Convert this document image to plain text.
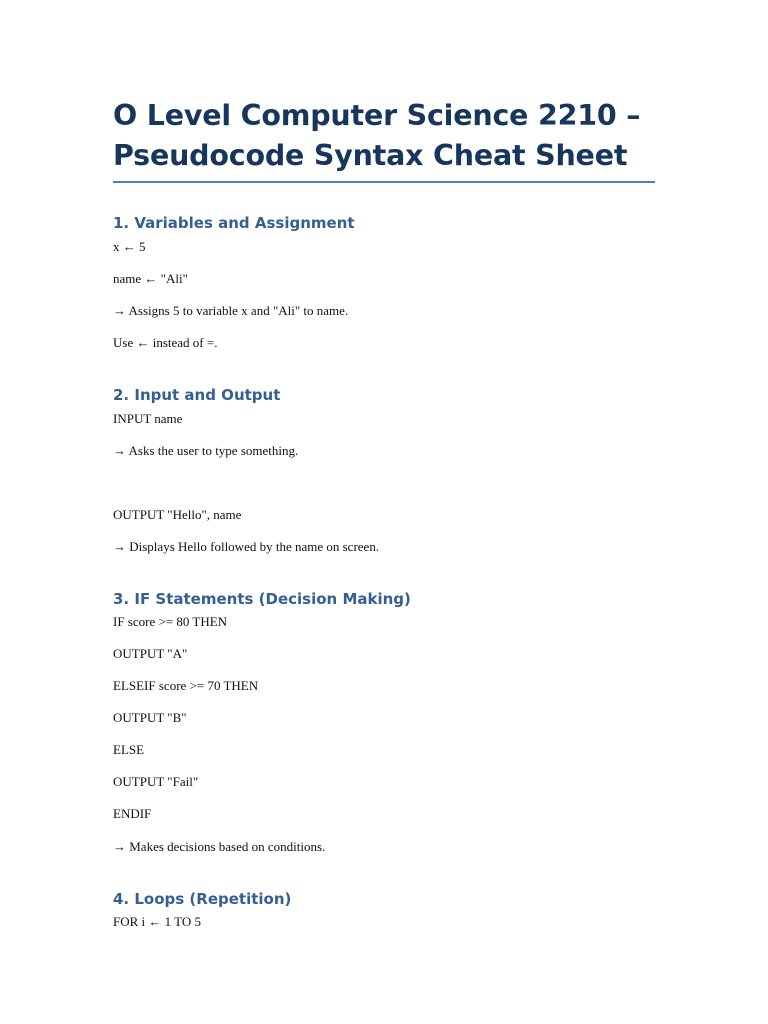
O Level Computer Science 2210 –
Pseudocode Syntax Cheat Sheet
1. Variables and Assignment
x ← 5
name ← "Ali"
→ Assigns 5 to variable x and "Ali" to name.
Use ← instead of =.
2. Input and Output
INPUT name
→ Asks the user to type something.
OUTPUT "Hello", name
→ Displays Hello followed by the name on screen.
3. IF Statements (Decision Making)
IF score >= 80 THEN
OUTPUT "A"
ELSEIF score >= 70 THEN
OUTPUT "B"
ELSE
OUTPUT "Fail"
ENDIF
→ Makes decisions based on conditions.
4. Loops (Repetition)
FOR i ← 1 TO 5
